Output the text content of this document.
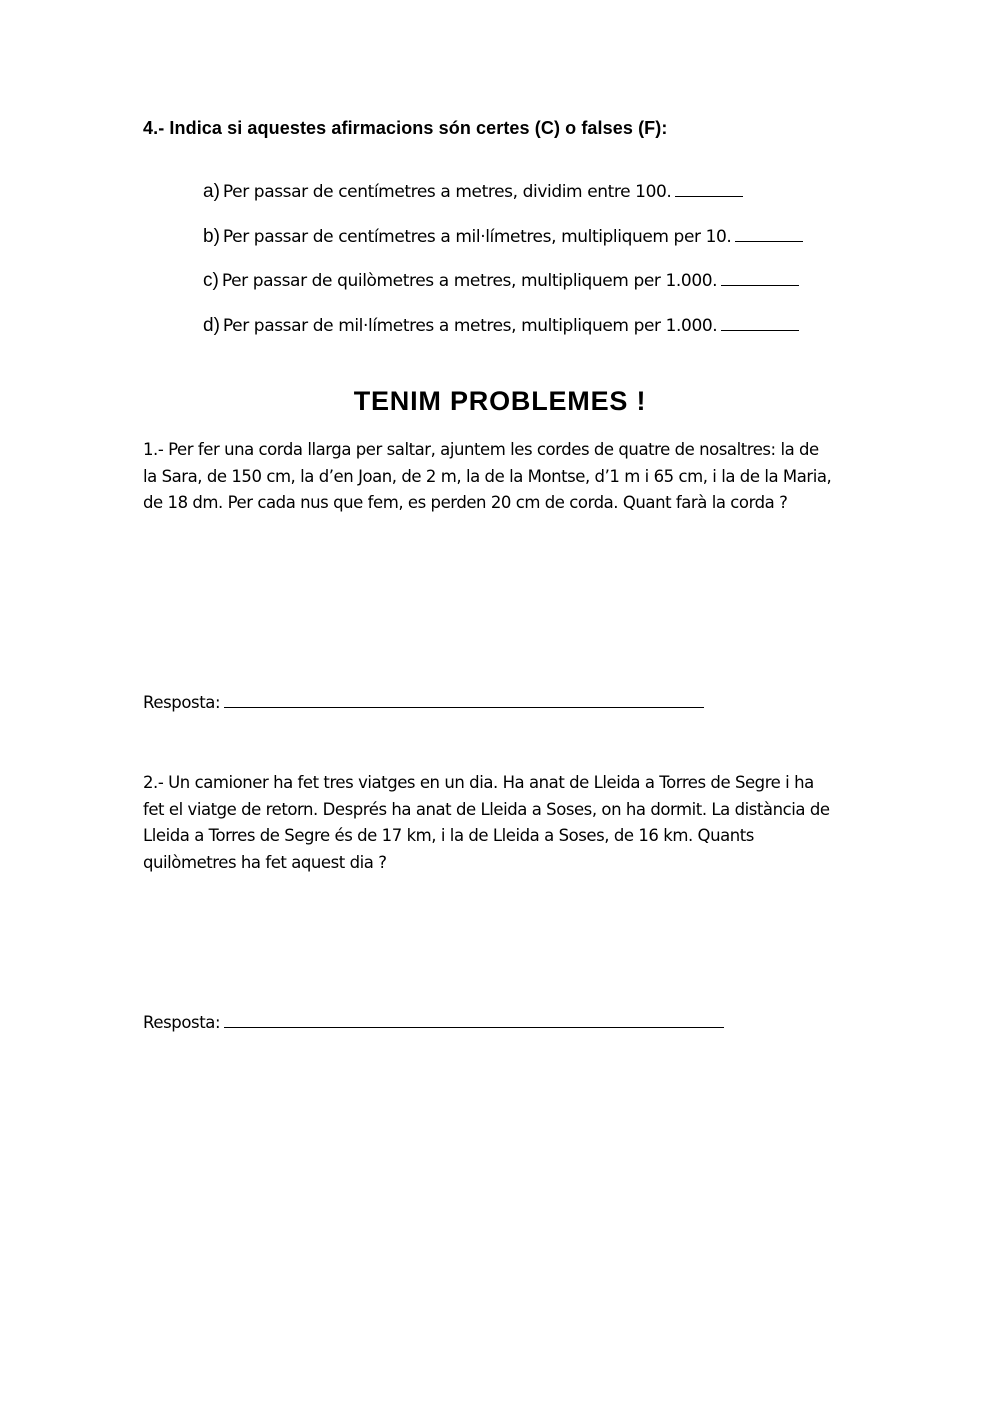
4.- Indica si aquestes afirmacions són certes (C) o falses (F):
a) Per passar de centímetres a metres, dividim entre 100.
b) Per passar de centímetres a mil·límetres, multipliquem per 10.
c) Per passar de quilòmetres a metres, multipliquem per 1.000.
d) Per passar de mil·límetres a metres, multipliquem per 1.000.
TENIM PROBLEMES !
1.- Per fer una corda llarga per saltar, ajuntem les cordes de quatre de nosaltres: la de
la Sara, de 150 cm, la d’en Joan, de 2 m, la de la Montse, d’1 m i 65 cm, i la de la Maria,
de 18 dm. Per cada nus que fem, es perden 20 cm de corda. Quant farà la corda ?
Resposta:
2.- Un camioner ha fet tres viatges en un dia. Ha anat de Lleida a Torres de Segre i ha
fet el viatge de retorn. Després ha anat de Lleida a Soses, on ha dormit. La distància de
Lleida a Torres de Segre és de 17 km, i la de Lleida a Soses, de 16 km. Quants
quilòmetres ha fet aquest dia ?
Resposta:
